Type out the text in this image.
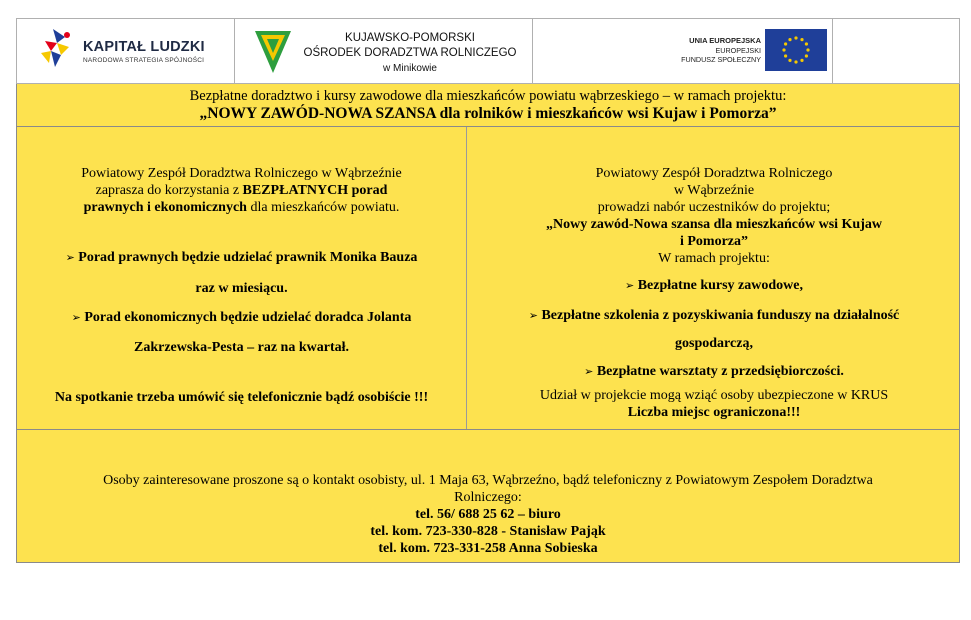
KAPITAŁ LUDZKI
NARODOWA STRATEGIA SPÓJNOŚCI
KUJAWSKO-POMORSKI
OŚRODEK DORADZTWA ROLNICZEGO
w Minikowie
UNIA EUROPEJSKA
EUROPEJSKI
FUNDUSZ SPOŁECZNY
Bezpłatne doradztwo i kursy zawodowe dla mieszkańców powiatu wąbrzeskiego – w ramach projektu:
„NOWY ZAWÓD-NOWA SZANSA dla rolników i mieszkańców wsi Kujaw i Pomorza”
Powiatowy Zespół Doradztwa Rolniczego w Wąbrzeźnie
zaprasza do korzystania z BEZPŁATNYCH porad
prawnych i ekonomicznych dla mieszkańców powiatu.
➢ Porad prawnych będzie udzielać prawnik Monika Bauza
raz w miesiącu.
➢ Porad ekonomicznych będzie udzielać doradca Jolanta
Zakrzewska-Pesta – raz na kwartał.
Na spotkanie trzeba umówić się telefonicznie bądź osobiście !!!
Powiatowy Zespół Doradztwa Rolniczego
w Wąbrzeźnie
prowadzi nabór uczestników do projektu;
„Nowy zawód-Nowa szansa dla mieszkańców wsi Kujaw
i Pomorza”
W ramach projektu:
➢ Bezpłatne kursy zawodowe,
➢ Bezpłatne szkolenia z pozyskiwania funduszy na działalność
gospodarczą,
➢ Bezpłatne warsztaty z przedsiębiorczości.
Udział w projekcie mogą wziąć osoby ubezpieczone w KRUS
Liczba miejsc ograniczona!!!
Osoby zainteresowane proszone są o kontakt osobisty, ul. 1 Maja 63, Wąbrzeźno, bądź telefoniczny z Powiatowym Zespołem Doradztwa
Rolniczego:
tel. 56/ 688 25 62 – biuro
tel. kom. 723-330-828 - Stanisław Pająk
tel. kom. 723-331-258 Anna Sobieska
